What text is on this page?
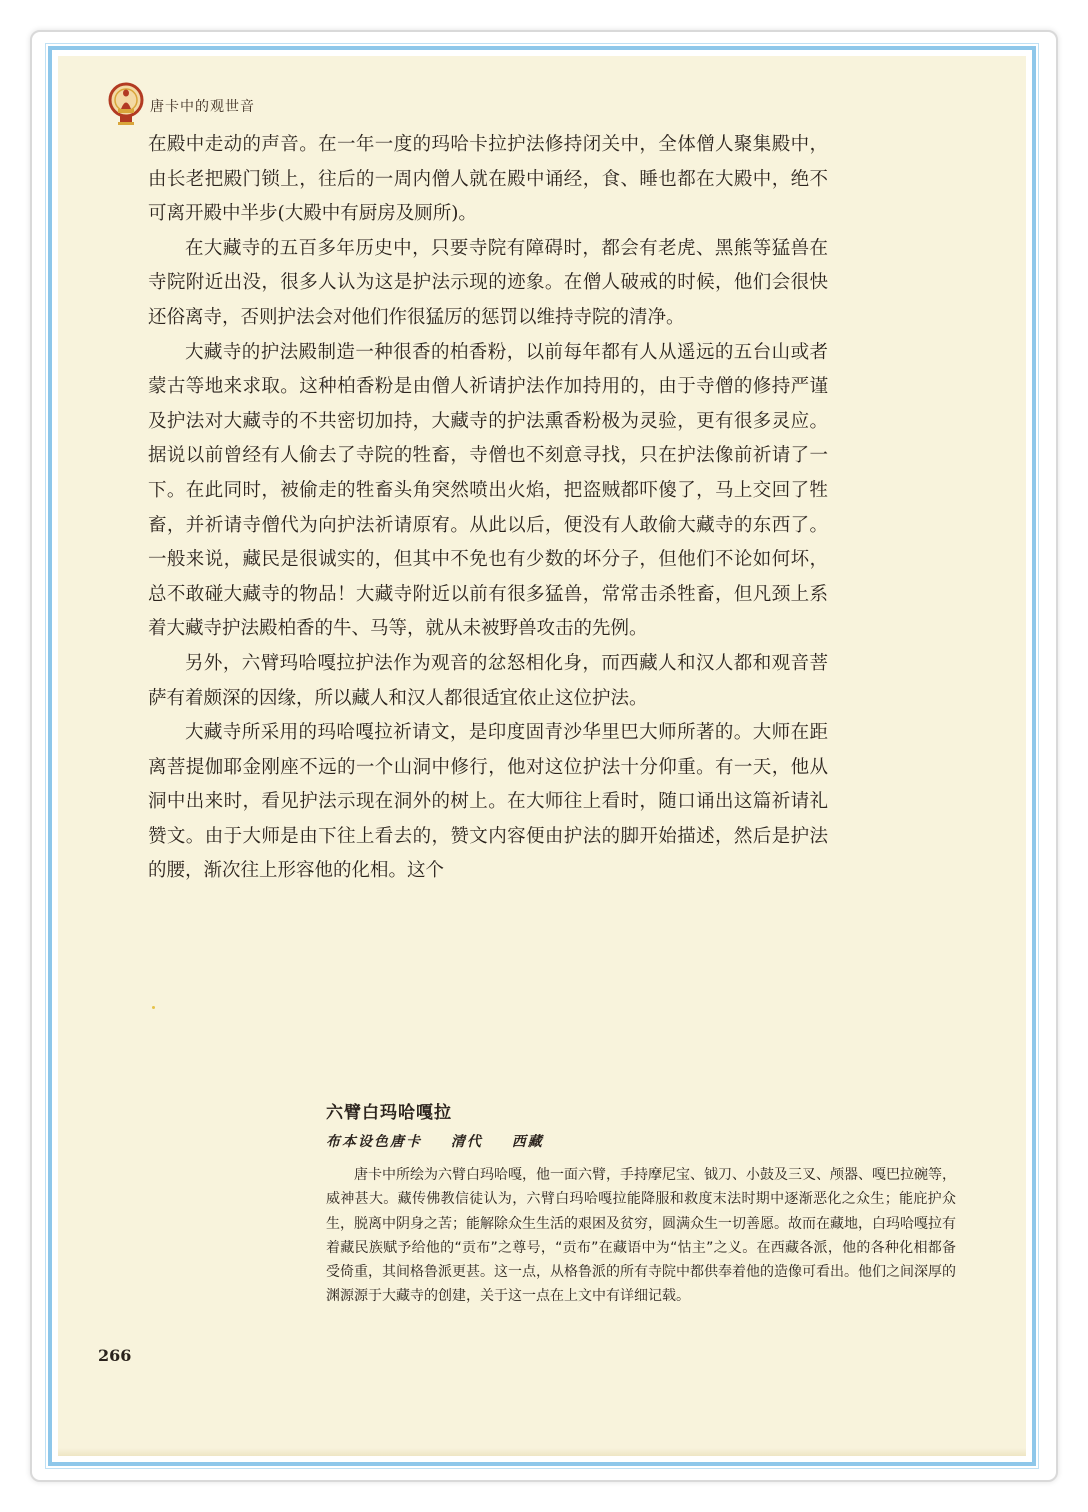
唐卡中的观世音

在殿中走动的声音。在一年一度的玛哈卡拉护法修持闭关中，全体僧人聚集殿中，由长老把殿门锁上，往后的一周内僧人就在殿中诵经，食、睡也都在大殿中，绝不可离开殿中半步(大殿中有厨房及厕所)。

在大藏寺的五百多年历史中，只要寺院有障碍时，都会有老虎、黑熊等猛兽在寺院附近出没，很多人认为这是护法示现的迹象。在僧人破戒的时候，他们会很快还俗离寺，否则护法会对他们作很猛厉的惩罚以维持寺院的清净。

大藏寺的护法殿制造一种很香的柏香粉，以前每年都有人从遥远的五台山或者蒙古等地来求取。这种柏香粉是由僧人祈请护法作加持用的，由于寺僧的修持严谨及护法对大藏寺的不共密切加持，大藏寺的护法熏香粉极为灵验，更有很多灵应。据说以前曾经有人偷去了寺院的牲畜，寺僧也不刻意寻找，只在护法像前祈请了一下。在此同时，被偷走的牲畜头角突然喷出火焰，把盗贼都吓傻了，马上交回了牲畜，并祈请寺僧代为向护法祈请原宥。从此以后，便没有人敢偷大藏寺的东西了。一般来说，藏民是很诚实的，但其中不免也有少数的坏分子，但他们不论如何坏，总不敢碰大藏寺的物品！大藏寺附近以前有很多猛兽，常常击杀牲畜，但凡颈上系着大藏寺护法殿柏香的牛、马等，就从未被野兽攻击的先例。

另外，六臂玛哈嘎拉护法作为观音的忿怒相化身，而西藏人和汉人都和观音菩萨有着颇深的因缘，所以藏人和汉人都很适宜依止这位护法。

大藏寺所采用的玛哈嘎拉祈请文，是印度固青沙华里巴大师所著的。大师在距离菩提伽耶金刚座不远的一个山洞中修行，他对这位护法十分仰重。有一天，他从洞中出来时，看见护法示现在洞外的树上。在大师往上看时，随口诵出这篇祈请礼赞文。由于大师是由下往上看去的，赞文内容便由护法的脚开始描述，然后是护法的腰，渐次往上形容他的化相。这个

六臂白玛哈嘎拉
布本设色唐卡 清代 西藏

唐卡中所绘为六臂白玛哈嘎，他一面六臂，手持摩尼宝、钺刀、小鼓及三叉、颅器、嘎巴拉碗等，威神甚大。藏传佛教信徒认为，六臂白玛哈嘎拉能降服和救度末法时期中逐渐恶化之众生；能庇护众生，脱离中阴身之苦；能解除众生生活的艰困及贫穷，圆满众生一切善愿。故而在藏地，白玛哈嘎拉有着藏民族赋予给他的“贡布”之尊号，“贡布”在藏语中为“怙主”之义。在西藏各派，他的各种化相都备受倚重，其间格鲁派更甚。这一点，从格鲁派的所有寺院中都供奉着他的造像可看出。他们之间深厚的渊源源于大藏寺的创建，关于这一点在上文中有详细记载。

266
